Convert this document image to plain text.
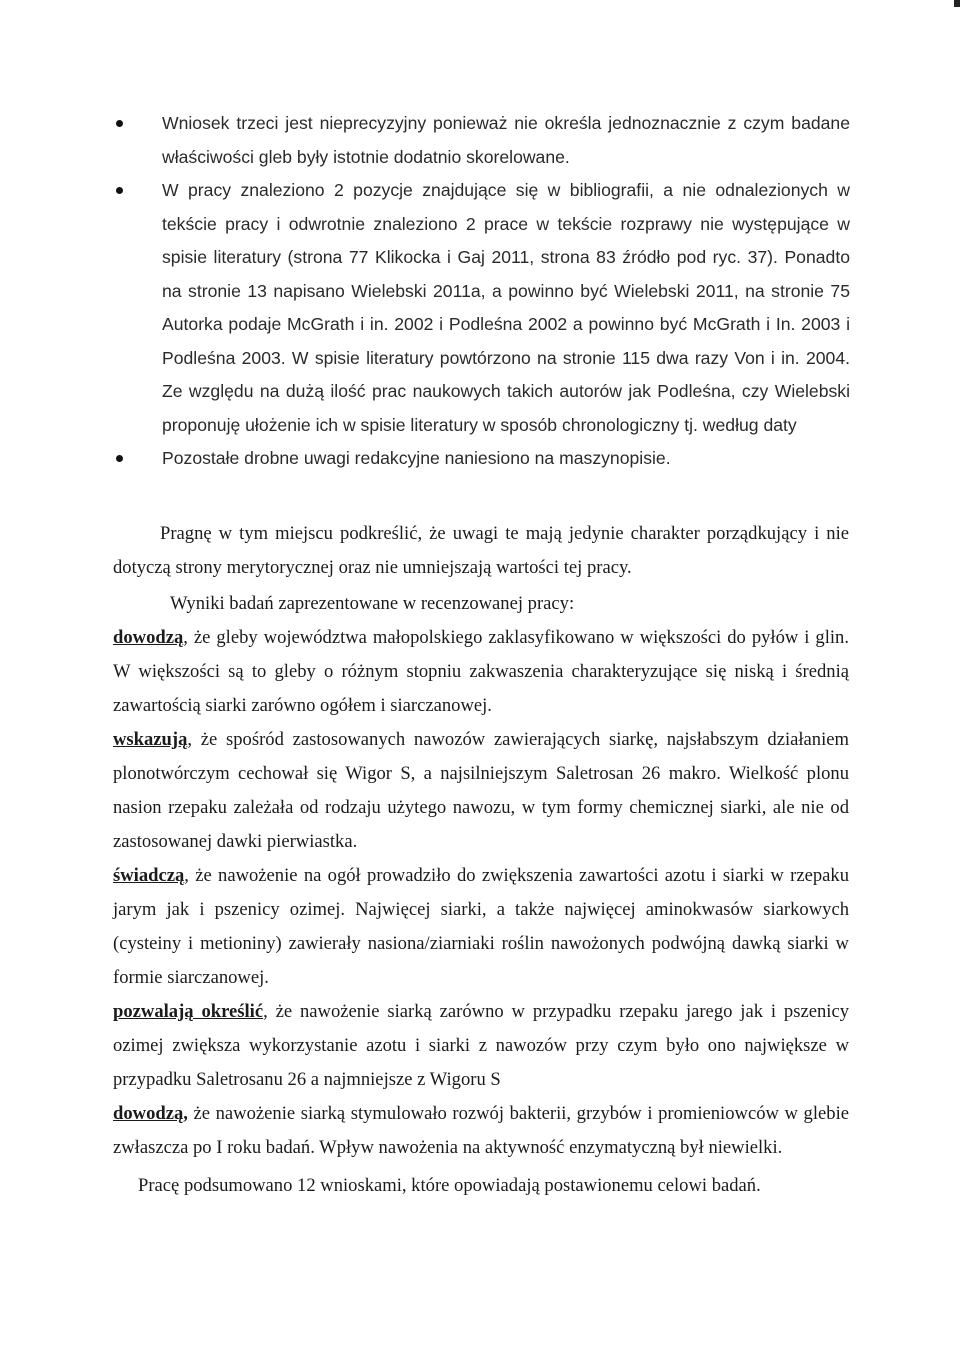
Wniosek trzeci jest nieprecyzyjny ponieważ nie określa jednoznacznie z czym badane właściwości gleb były istotnie dodatnio skorelowane.
W pracy znaleziono 2 pozycje znajdujące się w bibliografii, a nie odnalezionych w tekście pracy i odwrotnie znaleziono 2 prace w tekście rozprawy nie występujące w spisie literatury (strona 77 Klikocka i Gaj 2011, strona 83 źródło pod ryc. 37). Ponadto na stronie 13 napisano Wielebski 2011a, a powinno być Wielebski 2011, na stronie 75 Autorka podaje McGrath i in. 2002 i Podleśna 2002 a powinno być McGrath i In. 2003 i Podleśna 2003. W spisie literatury powtórzono na stronie 115 dwa razy Von i in. 2004. Ze względu na dużą ilość prac naukowych takich autorów jak Podleśna, czy Wielebski proponuję ułożenie ich w spisie literatury w sposób chronologiczny tj. według daty
Pozostałe drobne uwagi redakcyjne naniesiono na maszynopisie.

Pragnę w tym miejscu podkreślić, że uwagi te mają jedynie charakter porządkujący i nie dotyczą strony merytorycznej oraz nie umniejszają wartości tej pracy.

Wyniki badań zaprezentowane w recenzowanej pracy:

dowodzą, że gleby województwa małopolskiego zaklasyfikowano w większości do pyłów i glin. W większości są to gleby o różnym stopniu zakwaszenia charakteryzujące się niską i średnią zawartością siarki zarówno ogółem i siarczanowej.

wskazują, że spośród zastosowanych nawozów zawierających siarkę, najsłabszym działaniem plonotwórczym cechował się Wigor S, a najsilniejszym Saletrosan 26 makro. Wielkość plonu nasion rzepaku zależała od rodzaju użytego nawozu, w tym formy chemicznej siarki, ale nie od zastosowanej dawki pierwiastka.

świadczą, że nawożenie na ogół prowadziło do zwiększenia zawartości azotu i siarki w rzepaku jarym jak i pszenicy ozimej. Najwięcej siarki, a także najwięcej aminokwasów siarkowych (cysteiny i metioniny) zawierały nasiona/ziarniaki roślin nawożonych podwójną dawką siarki w formie siarczanowej.

pozwalają określić, że nawożenie siarką zarówno w przypadku rzepaku jarego jak i pszenicy ozimej zwiększa wykorzystanie azotu i siarki z nawozów przy czym było ono największe w przypadku Saletrosanu 26 a najmniejsze z Wigoru S

dowodzą, że nawożenie siarką stymulowało rozwój bakterii, grzybów i promieniowców w glebie zwłaszcza po I roku badań. Wpływ nawożenia na aktywność enzymatyczną był niewielki.

Pracę podsumowano 12 wnioskami, które opowiadają postawionemu celowi badań.
